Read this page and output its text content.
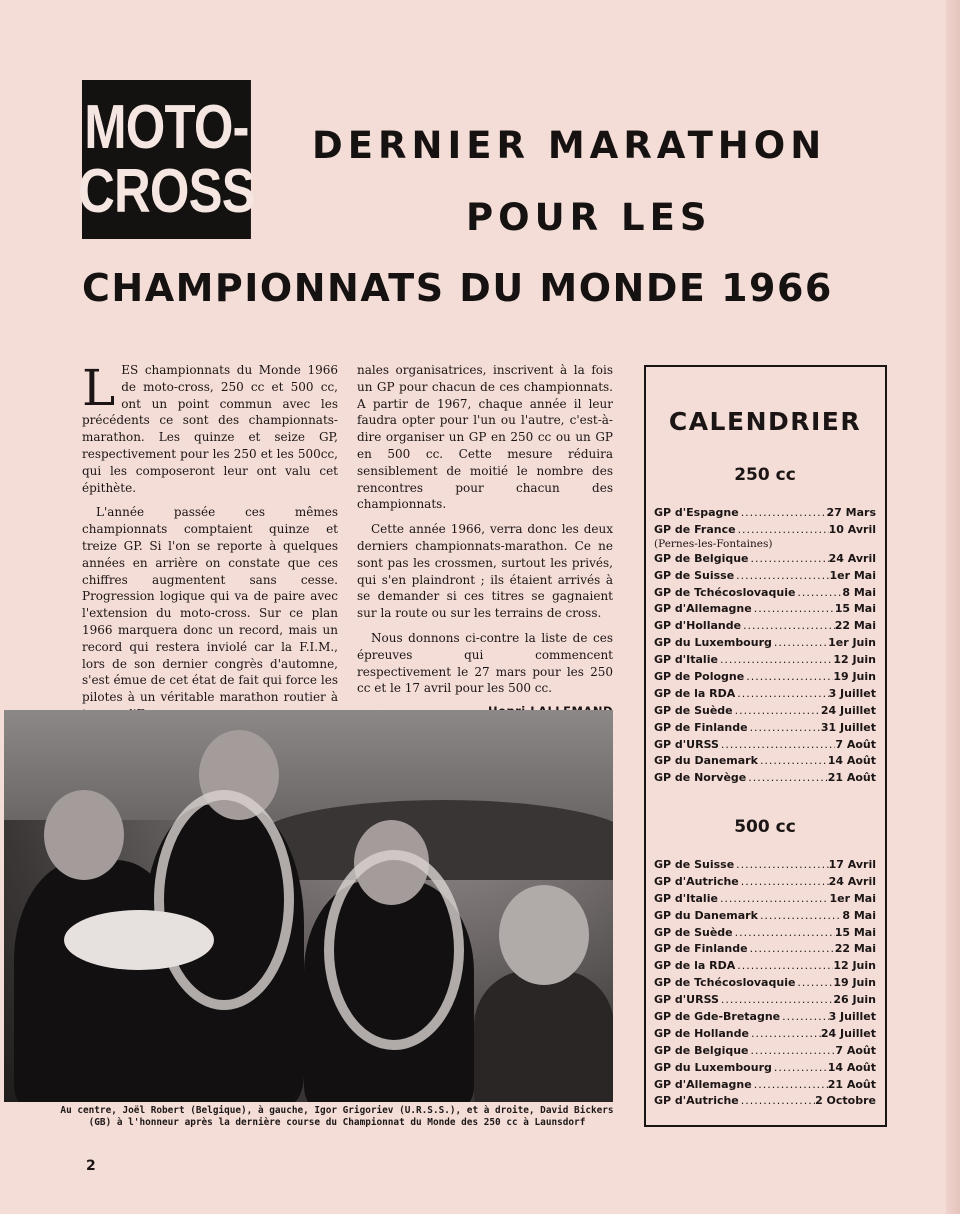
MOTO-
CROSS
DERNIER MARATHON
POUR LES
CHAMPIONNATS DU MONDE 1966

LES championnats du Monde 1966 de moto-cross, 250 cc et 500 cc, ont un point commun avec les précédents ce sont des championnats-marathon. Les quinze et seize GP, respectivement pour les 250 et les 500cc, qui les composeront leur ont valu cet épithète.

L'année passée ces mêmes championnats comptaient quinze et treize GP. Si l'on se reporte à quelques années en arrière on constate que ces chiffres augmentent sans cesse. Progression logique qui va de paire avec l'extension du moto-cross. Sur ce plan 1966 marquera donc un record, mais un record qui restera inviolé car la F.I.M., lors de son dernier congrès d'automne, s'est émue de cet état de fait qui force les pilotes à un véritable marathon routier à

nales organisatrices, inscrivent à la fois un GP pour chacun de ces championnats. A partir de 1967, chaque année il leur faudra opter pour l'un ou l'autre, c'est-à-dire organiser un GP en 250 cc ou un GP en 500 cc. Cette mesure réduira sensiblement de moitié le nombre des rencontres pour chacun des championnats.

Cette année 1966, verra donc les deux derniers championnats-marathon. Ce ne sont pas les crossmen, surtout les privés, qui s'en plaindront ; ils étaient arrivés à se demander si ces titres se gagnaient sur la route ou sur les terrains de cross.

Nous donnons ci-contre la liste de ces épreuves qui commencent respectivement le 27 mars pour les 250 cc et le 17 avril pour les 500 cc.

Au centre, Joël Robert (Belgique), à gauche, Igor Grigoriev (U.R.S.S.), et à droite, David Bickers (GB) à l'honneur après la dernière course du Championnat du Monde des 250 cc à Launsdorf
2
CALENDRIER
250 cc
GP d'Espagne .....	27 Mars
GP de France .....	10 Avril
(Pernes-les-Fontaines)
GP de Belgique .....	24 Avril
GP de Suisse .....	1er Mai
GP de Tchécoslovaquie .....	8 Mai
GP d'Allemagne .....	15 Mai
GP d'Hollande .....	22 Mai
GP du Luxembourg .....	1er Juin
GP d'Italie .....	12 Juin
GP de Pologne .....	19 Juin
GP de la RDA .....	3 Juillet
GP de Suède .....	24 Juillet
GP de Finlande .....	31 Juillet
GP d'URSS .....	7 Août
GP du Danemark .....	14 Août
GP de Norvège .....	21 Août
500 cc
GP de Suisse .....	17 Avril
GP d'Autriche .....	24 Avril
GP d'Italie .....	1er Mai
GP du Danemark .....	8 Mai
GP de Suède .....	15 Mai
GP de Finlande .....	22 Mai
GP de la RDA .....	12 Juin
GP de Tchécoslovaquie .....	19 Juin
GP d'URSS .....	26 Juin
GP de Gde-Bretagne .....	3 Juillet
GP de Hollande .....	24 Juillet
GP de Belgique .....	7 Août
GP du Luxembourg .....	14 Août
GP d'Allemagne .....	21 Août
GP d'Autriche .....	2 Octobre
